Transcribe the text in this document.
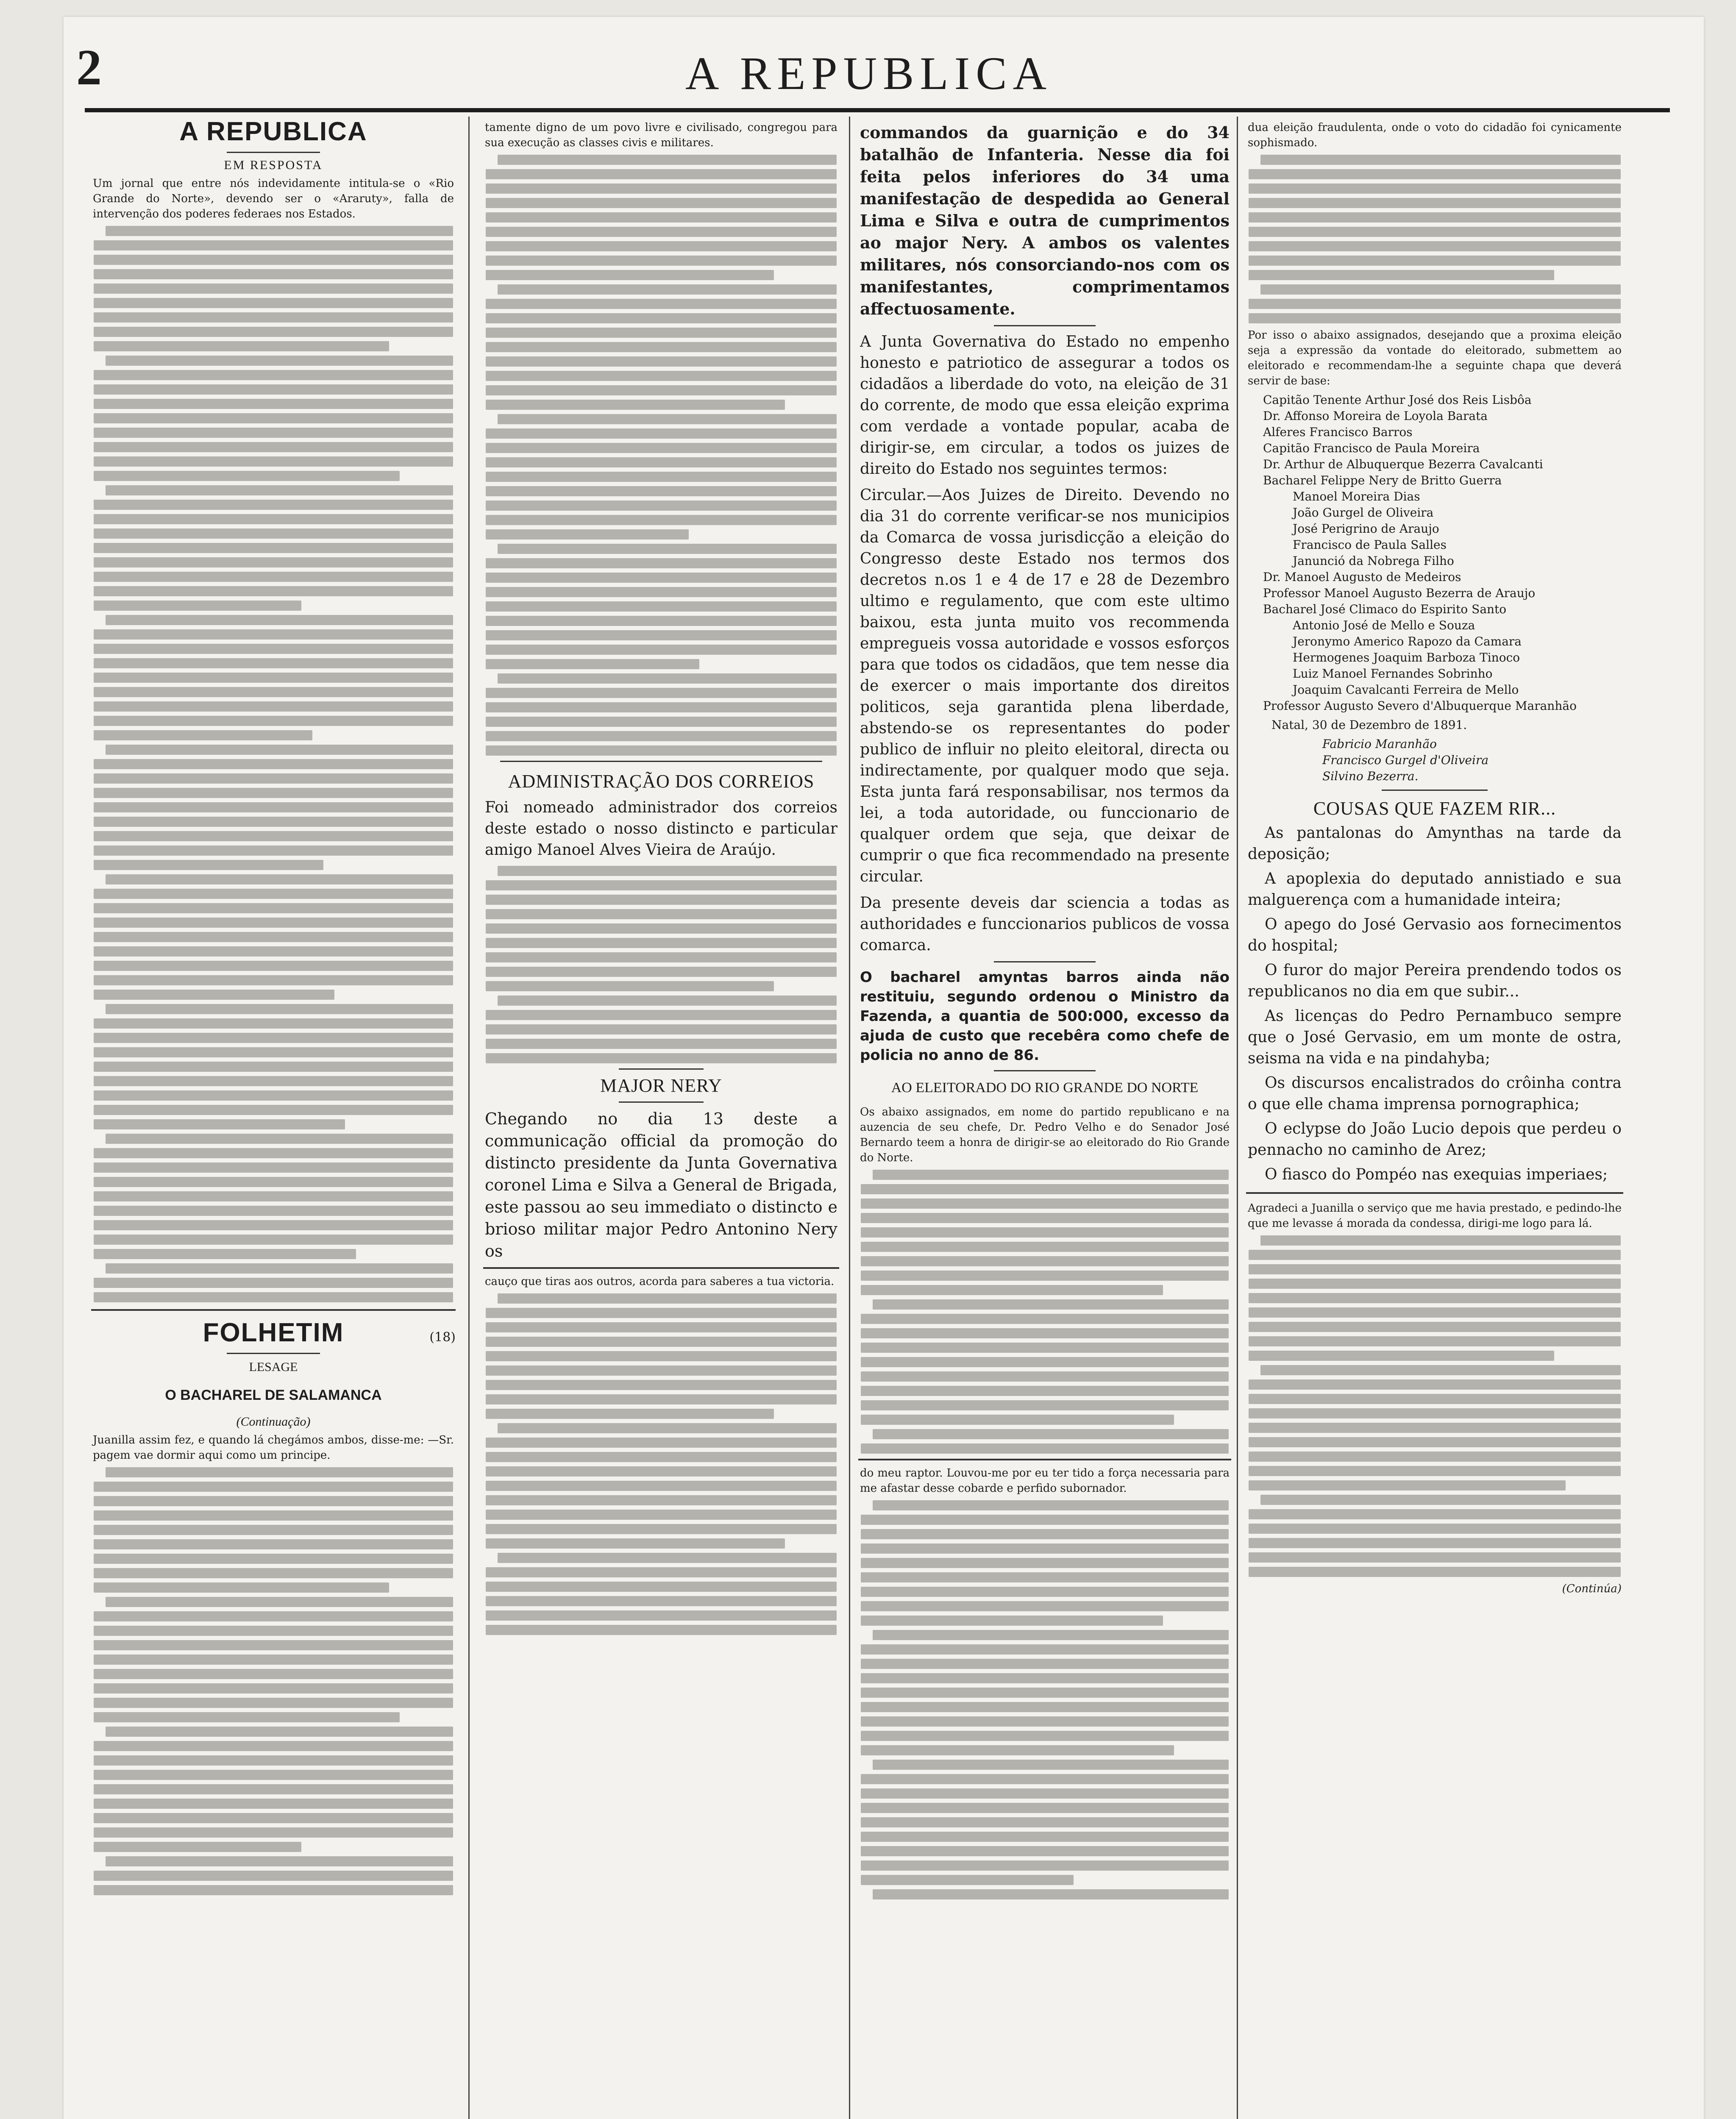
2	A REPUBLICA
A REPUBLICA
EM RESPOSTA
Um jornal que entre nós indevidamente intitula-se o «Rio Grande do Norte», devendo ser o «Araruty», falla de intervenção dos poderes federaes nos Estados.
FOLHETIM	(18)
LESAGE
O BACHAREL DE SALAMANCA
(Continuação)
Juanilla assim fez, e quando lá chegámos ambos, disse-me: —Sr. pagem vae dormir aqui como um principe.
tamente digno de um povo livre e civilisado, congregou para sua execução as classes civis e militares.
ADMINISTRAÇÃO DOS CORREIOS
Foi nomeado administrador dos correios deste estado o nosso distincto e particular amigo Manoel Alves Vieira de Araújo.
MAJOR NERY
Chegando no dia 13 deste a communicação official da promoção do distincto presidente da Junta Governativa coronel Lima e Silva a General de Brigada, este passou ao seu immediato o distincto e brioso militar major Pedro Antonino Nery os
cauço que tiras aos outros, acorda para saberes a tua victoria.
commandos da guarnição e do 34 batalhão de Infanteria. Nesse dia foi feita pelos inferiores do 34 uma manifestação de despedida ao General Lima e Silva e outra de cumprimentos ao major Nery. A ambos os valentes militares, nós consorciando-nos com os manifestantes, comprimentamos affectuosamente.
A Junta Governativa do Estado no empenho honesto e patriotico de assegurar a todos os cidadãos a liberdade do voto, na eleição de 31 do corrente, de modo que essa eleição exprima com verdade a vontade popular, acaba de dirigir-se, em circular, a todos os juizes de direito do Estado nos seguintes termos:
Circular.—Aos Juizes de Direito. Devendo no dia 31 do corrente verificar-se nos municipios da Comarca de vossa jurisdicção a eleição do Congresso deste Estado nos termos dos decretos n.os 1 e 4 de 17 e 28 de Dezembro ultimo e regulamento, que com este ultimo baixou, esta junta muito vos recommenda empregueis vossa autoridade e vossos esforços para que todos os cidadãos, que tem nesse dia de exercer o mais importante dos direitos politicos, seja garantida plena liberdade, abstendo-se os representantes do poder publico de influir no pleito eleitoral, directa ou indirectamente, por qualquer modo que seja. Esta junta fará responsabilisar, nos termos da lei, a toda autoridade, ou funccionario de qualquer ordem que seja, que deixar de cumprir o que fica recommendado na presente circular.
Da presente deveis dar sciencia a todas as authoridades e funccionarios publicos de vossa comarca.
O bacharel amyntas barros ainda não restituiu, segundo ordenou o Ministro da Fazenda, a quantia de 500:000, excesso da ajuda de custo que recebêra como chefe de policia no anno de 86.
AO ELEITORADO DO RIO GRANDE DO NORTE
Os abaixo assignados, em nome do partido republicano e na auzencia de seu chefe, Dr. Pedro Velho e do Senador José Bernardo teem a honra de dirigir-se ao eleitorado do Rio Grande do Norte.
do meu raptor. Louvou-me por eu ter tido a força necessaria para me afastar desse cobarde e perfido subornador.
dua eleição fraudulenta, onde o voto do cidadão foi cynicamente sophismado.
Por isso o abaixo assignados, desejando que a proxima eleição seja a expressão da vontade do eleitorado, submettem ao eleitorado e recommendam-lhe a seguinte chapa que deverá servir de base:
Capitão Tenente Arthur José dos Reis Lisbôa
Dr. Affonso Moreira de Loyola Barata
Alferes Francisco Barros
Capitão Francisco de Paula Moreira
Dr. Arthur de Albuquerque Bezerra Cavalcanti
Bacharel Felippe Nery de Britto Guerra
Manoel Moreira Dias
João Gurgel de Oliveira
José Perigrino de Araujo
Francisco de Paula Salles
Janunció da Nobrega Filho
Dr. Manoel Augusto de Medeiros
Professor Manoel Augusto Bezerra de Araujo
Bacharel José Climaco do Espirito Santo
Antonio José de Mello e Souza
Jeronymo Americo Rapozo da Camara
Hermogenes Joaquim Barboza Tinoco
Luiz Manoel Fernandes Sobrinho
Joaquim Cavalcanti Ferreira de Mello
Professor Augusto Severo d'Albuquerque Maranhão
Natal, 30 de Dezembro de 1891.
Fabricio Maranhão
Francisco Gurgel d'Oliveira
Silvino Bezerra.
COUSAS QUE FAZEM RIR...
As pantalonas do Amynthas na tarde da deposição;
A apoplexia do deputado annistiado e sua malguerença com a humanidade inteira;
O apego do José Gervasio aos fornecimentos do hospital;
O furor do major Pereira prendendo todos os republicanos no dia em que subir...
As licenças do Pedro Pernambuco sempre que o José Gervasio, em um monte de ostra, seisma na vida e na pindahyba;
Os discursos encalistrados do crôinha contra o que elle chama imprensa pornographica;
O eclypse do João Lucio depois que perdeu o pennacho no caminho de Arez;
O fiasco do Pompéo nas exequias imperiaes;
Agradeci a Juanilla o serviço que me havia prestado, e pedindo-lhe que me levasse á morada da condessa, dirigi-me logo para lá.
(Continúa)
